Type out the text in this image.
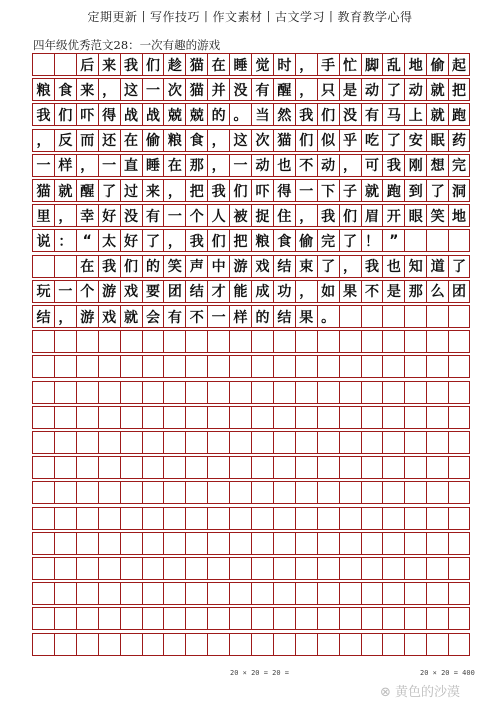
定期更新丨写作技巧丨作文素材丨古文学习丨教育教学心得
四年级优秀范文28：一次有趣的游戏
后 来 我 们 趁 猫 在 睡 觉 时 ， 手 忙 脚 乱 地 偷 起
粮 食 来 ， 这 一 次 猫 并 没 有 醒 ， 只 是 动 了 动 就 把
我 们 吓 得 战 战 兢 兢 的 。 当 然 我 们 没 有 马 上 就 跑
， 反 而 还 在 偷 粮 食 ， 这 次 猫 们 似 乎 吃 了 安 眠 药
一 样 ， 一 直 睡 在 那 ， 一 动 也 不 动 ， 可 我 刚 想 完
猫 就 醒 了 过 来 ， 把 我 们 吓 得 一 下 子 就 跑 到 了 洞
里 ， 幸 好 没 有 一 个 人 被 捉 住 ， 我 们 眉 开 眼 笑 地
说 ： “ 太 好 了 ， 我 们 把 粮 食 偷 完 了 ！ ”
在 我 们 的 笑 声 中 游 戏 结 束 了 ， 我 也 知 道 了
玩 一 个 游 戏 要 团 结 才 能 成 功 ， 如 果 不 是 那 么 团
结 ， 游 戏 就 会 有 不 一 样 的 结 果 。
20 × 20 = 20 =	20 × 20 = 400
⊗ 黄色的沙漠
